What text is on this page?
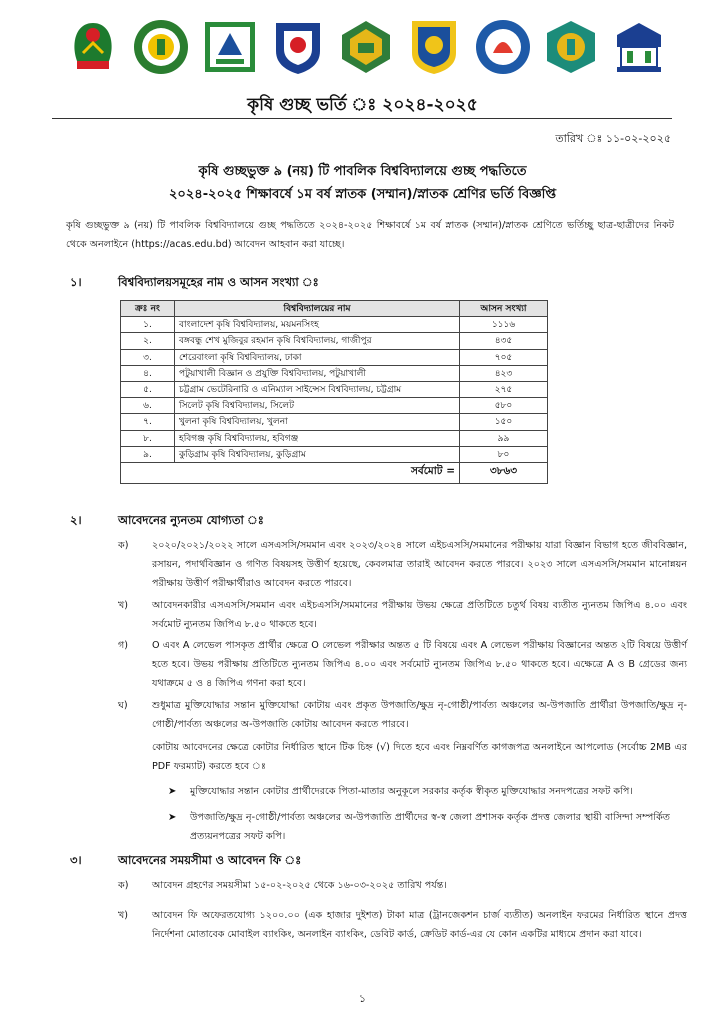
কৃষি গুচ্ছ ভর্তি ঃ ২০২৪-২০২৫
তারিখ ঃ ১১-০২-২০২৫
কৃষি গুচ্ছভুক্ত ৯ (নয়) টি পাবলিক বিশ্ববিদ্যালয়ে গুচ্ছ পদ্ধতিতে
২০২৪-২০২৫ শিক্ষাবর্ষে ১ম বর্ষ স্নাতক (সম্মান)/স্নাতক শ্রেণির ভর্তি বিজ্ঞপ্তি
কৃষি গুচ্ছভুক্ত ৯ (নয়) টি পাবলিক বিশ্ববিদ্যালয়ে গুচ্ছ পদ্ধতিতে ২০২৪-২০২৫ শিক্ষাবর্ষে ১ম বর্ষ স্নাতক (সম্মান)/স্নাতক শ্রেণিতে ভর্তিচ্ছু ছাত্র-ছাত্রীদের নিকট থেকে অনলাইনে (https://acas.edu.bd) আবেদন আহবান করা যাচ্ছে।
১।	বিশ্ববিদ্যালয়সমূহের নাম ও আসন সংখ্যা ঃ
ক্রঃ নং	বিশ্ববিদ্যালয়ের নাম	আসন সংখ্যা
১.	বাংলাদেশ কৃষি বিশ্ববিদ্যালয়, ময়মনসিংহ	১১১৬
২.	বঙ্গবন্ধু শেখ মুজিবুর রহমান কৃষি বিশ্ববিদ্যালয়, গাজীপুর	৪৩৫
৩.	শেরেবাংলা কৃষি বিশ্ববিদ্যালয়, ঢাকা	৭০৫
৪.	পটুয়াখালী বিজ্ঞান ও প্রযুক্তি বিশ্ববিদ্যালয়, পটুয়াখালী	৪২৩
৫.	চট্টগ্রাম ভেটেরিনারি ও এনিম্যাল সাইন্সেস বিশ্ববিদ্যালয়, চট্টগ্রাম	২৭৫
৬.	সিলেট কৃষি বিশ্ববিদ্যালয়, সিলেট	৫৮০
৭.	খুলনা কৃষি বিশ্ববিদ্যালয়, খুলনা	১৫০
৮.	হবিগঞ্জ কৃষি বিশ্ববিদ্যালয়, হবিগঞ্জ	৯৯
৯.	কুড়িগ্রাম কৃষি বিশ্ববিদ্যালয়, কুড়িগ্রাম	৮০
সর্বমোট =		৩৮৬৩
২।	আবেদনের ন্যুনতম যোগ্যতা ঃ
ক) ২০২০/২০২১/২০২২ সালে এসএসসি/সমমান এবং ২০২৩/২০২৪ সালে এইচএসসি/সমমানের পরীক্ষায় যারা বিজ্ঞান বিভাগ হতে জীববিজ্ঞান, রসায়ন, পদার্থবিজ্ঞান ও গণিত বিষয়সহ উত্তীর্ণ হয়েছে, কেবলমাত্র তারাই আবেদন করতে পারবে। ২০২৩ সালে এসএসসি/সমমান মানোন্নয়ন পরীক্ষায় উত্তীর্ণ পরীক্ষার্থীরাও আবেদন করতে পারবে।
খ) আবেদনকারীর এসএসসি/সমমান এবং এইচএসসি/সমমানের পরীক্ষায় উভয় ক্ষেত্রে প্রতিটিতে চতুর্থ বিষয় ব্যতীত ন্যুনতম জিপিএ ৪.০০ এবং সর্বমোট ন্যুনতম জিপিএ ৮.৫০ থাকতে হবে।
গ) O এবং A লেভেল পাসকৃত প্রার্থীর ক্ষেত্রে O লেভেল পরীক্ষার অন্তত ৫ টি বিষয়ে এবং A লেভেল পরীক্ষায় বিজ্ঞানের অন্তত ২টি বিষয়ে উত্তীর্ণ হতে হবে। উভয় পরীক্ষায় প্রতিটিতে ন্যুনতম জিপিএ ৪.০০ এবং সর্বমোট ন্যুনতম জিপিএ ৮.৫০ থাকতে হবে। এক্ষেত্রে A ও B গ্রেডের জন্য যথাক্রমে ৫ ও ৪ জিপিএ গণনা করা হবে।
ঘ)	শুধুমাত্র মুক্তিযোদ্ধার সন্তান মুক্তিযোদ্ধা কোটায় এবং প্রকৃত উপজাতি/ক্ষুদ্র নৃ-গোষ্ঠী/পার্বত্য অঞ্চলের অ-উপজাতি প্রার্থীরা উপজাতি/ক্ষুদ্র নৃ-গোষ্ঠী/পার্বত্য অঞ্চলের অ-উপজাতি কোটায় আবেদন করতে পারবে।
কোটায় আবেদনের ক্ষেত্রে কোটার নির্ধারিত স্থানে টিক চিহ্ন (√) দিতে হবে এবং নিম্নবর্ণিত কাগজপত্র অনলাইনে আপলোড (সর্বোচ্চ 2MB এর PDF ফরম্যাট) করতে হবে ঃ
➤ মুক্তিযোদ্ধার সন্তান কোটার প্রার্থীদেরকে পিতা-মাতার অনুকূলে সরকার কর্তৃক স্বীকৃত মুক্তিযোদ্ধার সনদপত্রের সফট কপি।
➤ উপজাতি/ক্ষুদ্র নৃ-গোষ্ঠী/পার্বত্য অঞ্চলের অ-উপজাতি প্রার্থীদের স্ব-স্ব জেলা প্রশাসক কর্তৃক প্রদত্ত জেলার স্থায়ী বাসিন্দা সম্পর্কিত প্রত্যয়নপত্রের সফট কপি।
৩।	আবেদনের সময়সীমা ও আবেদন ফি ঃ
ক) আবেদন গ্রহণের সময়সীমা ১৫-০২-২০২৫ থেকে ১৬-০৩-২০২৫ তারিখ পর্যন্ত।
খ) আবেদন ফি অফেরতযোগ্য ১২০০.০০ (এক হাজার দুইশত) টাকা মাত্র (ট্রানজেকশন চার্জ ব্যতীত) অনলাইন ফরমের নির্ধারিত স্থানে প্রদত্ত নির্দেশনা মোতাবেক মোবাইল ব্যাংকিং, অনলাইন ব্যাংকিং, ডেবিট কার্ড, ক্রেডিট কার্ড-এর যে কোন একটির মাধ্যমে প্রদান করা যাবে।
১
